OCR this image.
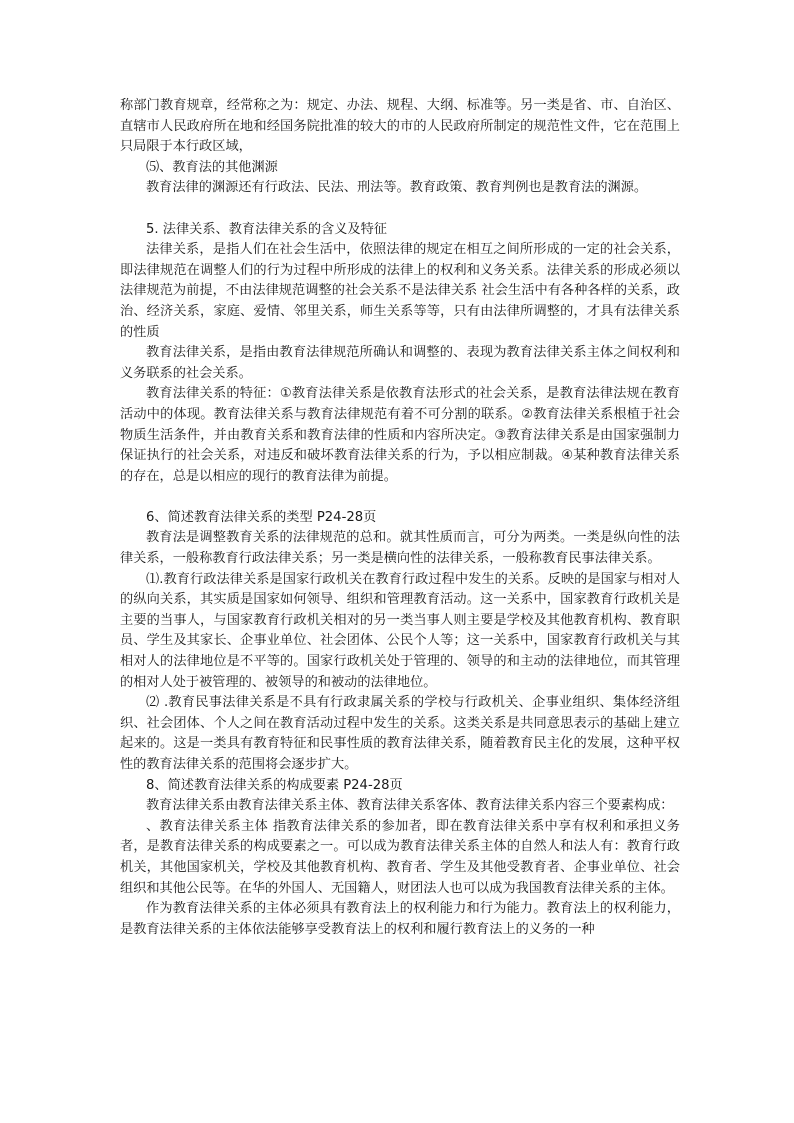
称部门教育规章，经常称之为：规定、办法、规程、大纲、标准等。另一类是省、市、自治区、直辖市人民政府所在地和经国务院批准的较大的市的人民政府所制定的规范性文件，它在范围上只局限于本行政区域，

⑸、教育法的其他渊源

教育法律的渊源还有行政法、民法、刑法等。教育政策、教育判例也是教育法的渊源。

5. 法律关系、教育法律关系的含义及特征

法律关系，是指人们在社会生活中，依照法律的规定在相互之间所形成的一定的社会关系，即法律规范在调整人们的行为过程中所形成的法律上的权利和义务关系。法律关系的形成必须以法律规范为前提，不由法律规范调整的社会关系不是法律关系 社会生活中有各种各样的关系，政治、经济关系，家庭、爱情、邻里关系，师生关系等等，只有由法律所调整的，才具有法律关系的性质

教育法律关系，是指由教育法律规范所确认和调整的、表现为教育法律关系主体之间权利和义务联系的社会关系。

教育法律关系的特征：①教育法律关系是依教育法形式的社会关系，是教育法律法规在教育活动中的体现。教育法律关系与教育法律规范有着不可分割的联系。②教育法律关系根植于社会物质生活条件，并由教育关系和教育法律的性质和内容所决定。③教育法律关系是由国家强制力保证执行的社会关系，对违反和破坏教育法律关系的行为，予以相应制裁。④某种教育法律关系的存在，总是以相应的现行的教育法律为前提。

6、简述教育法律关系的类型 P24-28页

教育法是调整教育关系的法律规范的总和。就其性质而言，可分为两类。一类是纵向性的法律关系，一般称教育行政法律关系；另一类是横向性的法律关系，一般称教育民事法律关系。

⑴.教育行政法律关系是国家行政机关在教育行政过程中发生的关系。反映的是国家与相对人的纵向关系，其实质是国家如何领导、组织和管理教育活动。这一关系中，国家教育行政机关是主要的当事人，与国家教育行政机关相对的另一类当事人则主要是学校及其他教育机构、教育职员、学生及其家长、企事业单位、社会团体、公民个人等；这一关系中，国家教育行政机关与其相对人的法律地位是不平等的。国家行政机关处于管理的、领导的和主动的法律地位，而其管理的相对人处于被管理的、被领导的和被动的法律地位。

⑵ .教育民事法律关系是不具有行政隶属关系的学校与行政机关、企事业组织、集体经济组织、社会团体、个人之间在教育活动过程中发生的关系。这类关系是共同意思表示的基础上建立起来的。这是一类具有教育特征和民事性质的教育法律关系，随着教育民主化的发展，这种平权性的教育法律关系的范围将会逐步扩大。

8、简述教育法律关系的构成要素 P24-28页

教育法律关系由教育法律关系主体、教育法律关系客体、教育法律关系内容三个要素构成：

、教育法律关系主体 指教育法律关系的参加者，即在教育法律关系中享有权利和承担义务者，是教育法律关系的构成要素之一。可以成为教育法律关系主体的自然人和法人有：教育行政机关，其他国家机关，学校及其他教育机构、教育者、学生及其他受教育者、企事业单位、社会组织和其他公民等。在华的外国人、无国籍人，财团法人也可以成为我国教育法律关系的主体。

作为教育法律关系的主体必须具有教育法上的权利能力和行为能力。教育法上的权利能力，是教育法律关系的主体依法能够享受教育法上的权利和履行教育法上的义务的一种
